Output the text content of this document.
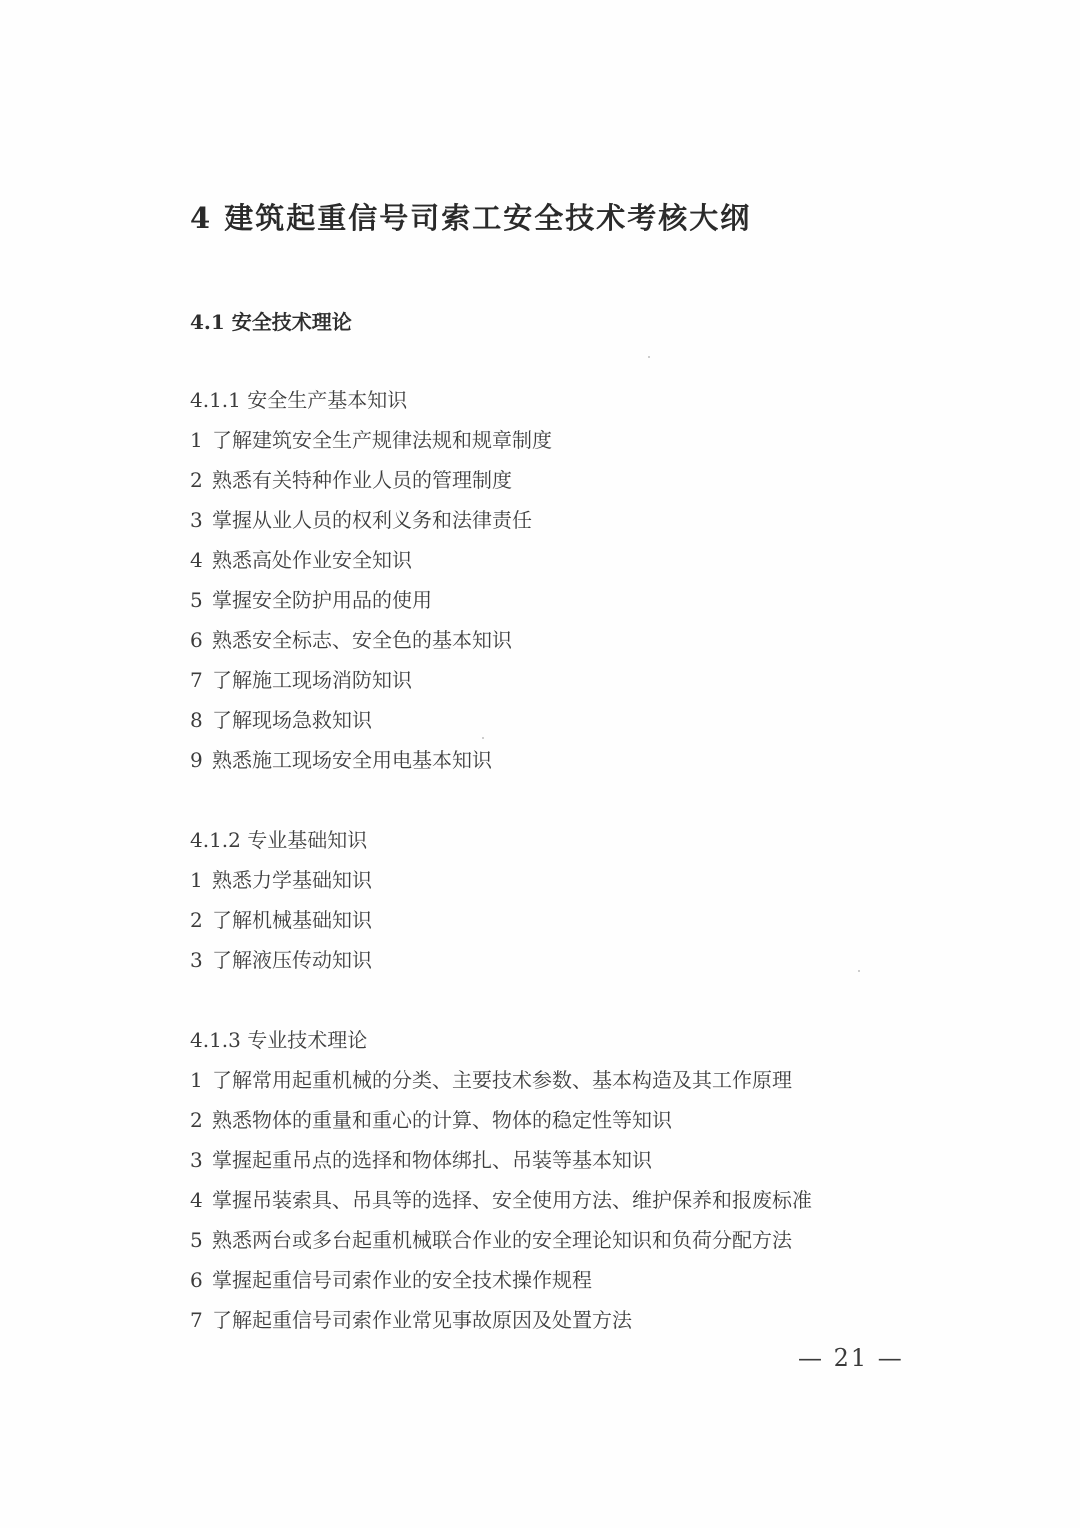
4 建筑起重信号司索工安全技术考核大纲
4.1 安全技术理论
4.1.1 安全生产基本知识
1 了解建筑安全生产规律法规和规章制度
2 熟悉有关特种作业人员的管理制度
3 掌握从业人员的权利义务和法律责任
4 熟悉高处作业安全知识
5 掌握安全防护用品的使用
6 熟悉安全标志、安全色的基本知识
7 了解施工现场消防知识
8 了解现场急救知识
9 熟悉施工现场安全用电基本知识
4.1.2 专业基础知识
1 熟悉力学基础知识
2 了解机械基础知识
3 了解液压传动知识
4.1.3 专业技术理论
1 了解常用起重机械的分类、主要技术参数、基本构造及其工作原理
2 熟悉物体的重量和重心的计算、物体的稳定性等知识
3 掌握起重吊点的选择和物体绑扎、吊装等基本知识
4 掌握吊装索具、吊具等的选择、安全使用方法、维护保养和报废标准
5 熟悉两台或多台起重机械联合作业的安全理论知识和负荷分配方法
6 掌握起重信号司索作业的安全技术操作规程
7 了解起重信号司索作业常见事故原因及处置方法
— 21 —
